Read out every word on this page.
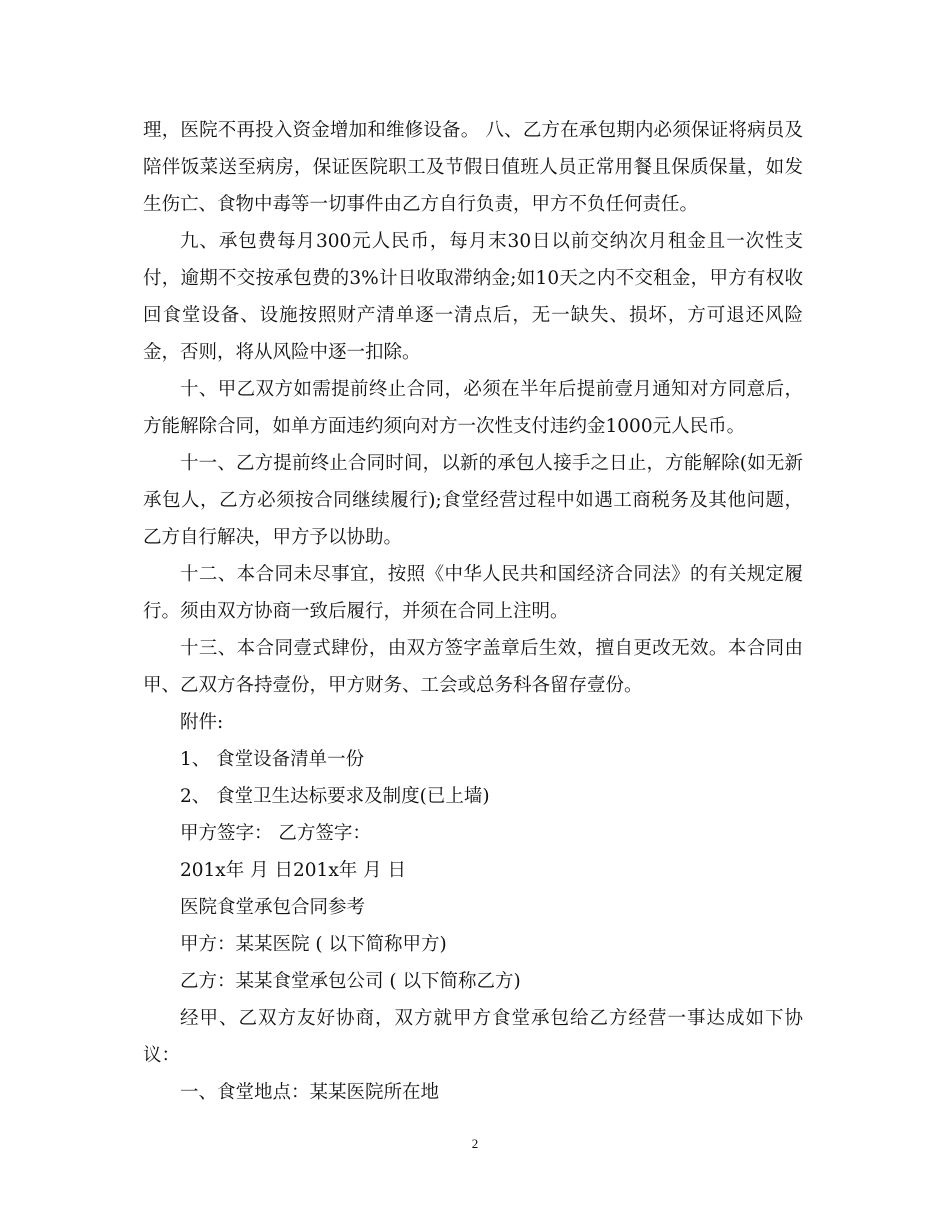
理，医院不再投入资金增加和维修设备。 八、乙方在承包期内必须保证将病员及陪伴饭菜送至病房，保证医院职工及节假日值班人员正常用餐且保质保量，如发生伤亡、食物中毒等一切事件由乙方自行负责，甲方不负任何责任。

九、承包费每月300元人民币，每月末30日以前交纳次月租金且一次性支付，逾期不交按承包费的3%计日收取滞纳金;如10天之内不交租金，甲方有权收回食堂设备、设施按照财产清单逐一清点后，无一缺失、损坏，方可退还风险金，否则，将从风险中逐一扣除。

十、甲乙双方如需提前终止合同，必须在半年后提前壹月通知对方同意后，方能解除合同，如单方面违约须向对方一次性支付违约金1000元人民币。

十一、乙方提前终止合同时间，以新的承包人接手之日止，方能解除(如无新承包人，乙方必须按合同继续履行);食堂经营过程中如遇工商税务及其他问题，乙方自行解决，甲方予以协助。

十二、本合同未尽事宜，按照《中华人民共和国经济合同法》的有关规定履行。须由双方协商一致后履行，并须在合同上注明。

十三、本合同壹式肆份，由双方签字盖章后生效，擅自更改无效。本合同由甲、乙双方各持壹份，甲方财务、工会或总务科各留存壹份。

附件:

1、 食堂设备清单一份

2、 食堂卫生达标要求及制度(已上墙)

甲方签字： 乙方签字：

201x年 月 日201x年 月 日

医院食堂承包合同参考

甲方：某某医院 ( 以下简称甲方)

乙方：某某食堂承包公司 ( 以下简称乙方)

经甲、乙双方友好协商，双方就甲方食堂承包给乙方经营一事达成如下协议：

一、食堂地点：某某医院所在地

2
